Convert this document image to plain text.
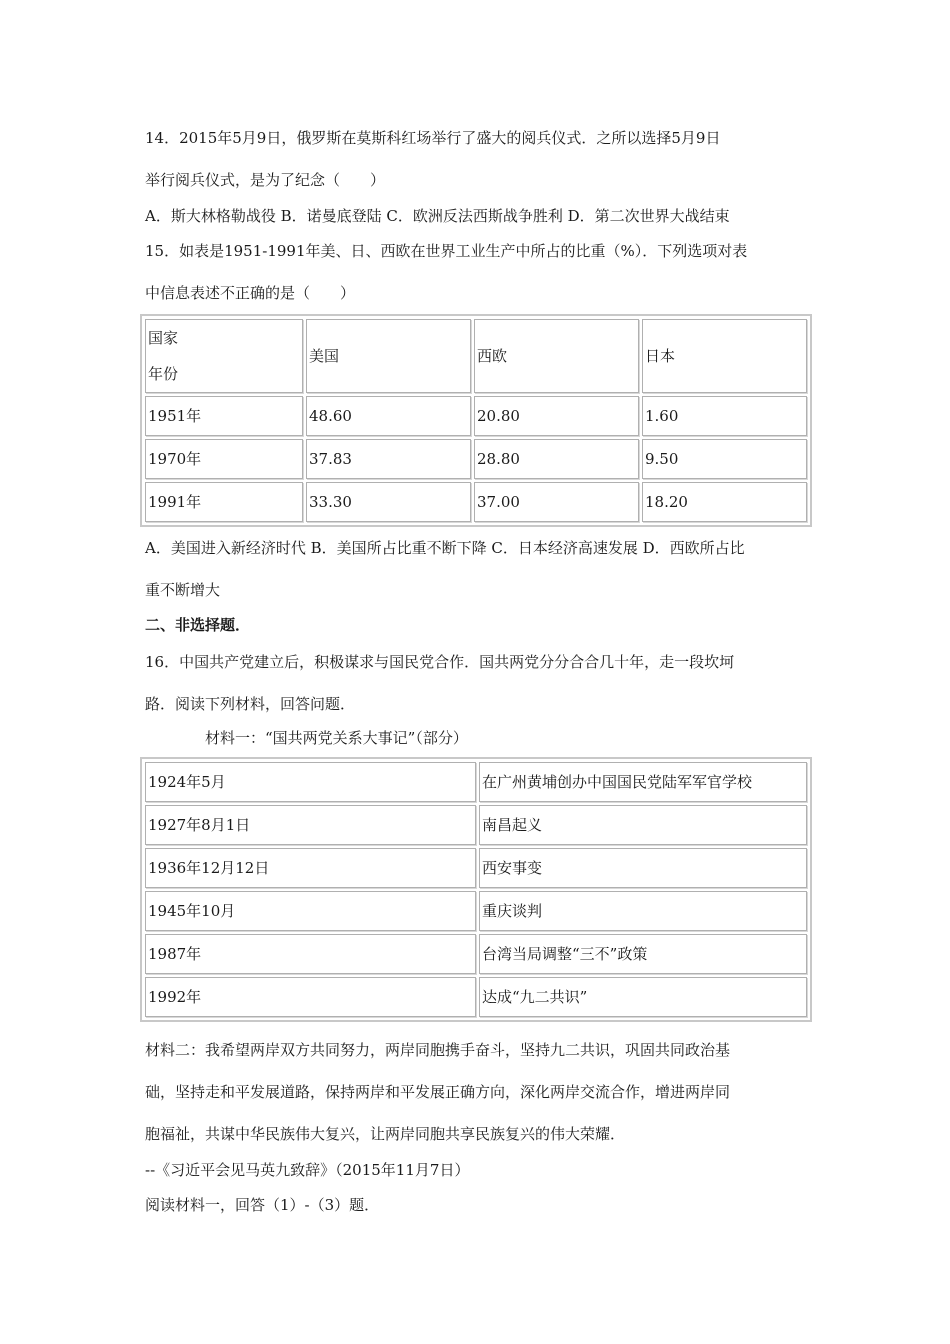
14．2015年5月9日，俄罗斯在莫斯科红场举行了盛大的阅兵仪式．之所以选择5月9日
举行阅兵仪式，是为了纪念（　　）
A．斯大林格勒战役 B．诺曼底登陆 C．欧洲反法西斯战争胜利 D．第二次世界大战结束
15．如表是1951-1991年美、日、西欧在世界工业生产中所占的比重（%）．下列选项对表
中信息表述不正确的是（　　）
国家
年份	美国	西欧	日本
1951年	48.60	20.80	1.60
1970年	37.83	28.80	9.50
1991年	33.30	37.00	18.20
A．美国进入新经济时代 B．美国所占比重不断下降 C．日本经济高速发展 D．西欧所占比
重不断增大
二、非选择题．
16．中国共产党建立后，积极谋求与国民党合作．国共两党分分合合几十年，走一段坎坷
路．阅读下列材料，回答问题．
材料一：“国共两党关系大事记”（部分）
1924年5月	在广州黄埔创办中国国民党陆军军官学校
1927年8月1日	南昌起义
1936年12月12日	西安事变
1945年10月	重庆谈判
1987年	台湾当局调整“三不”政策
1992年	达成“九二共识”
材料二：我希望两岸双方共同努力，两岸同胞携手奋斗，坚持九二共识，巩固共同政治基
础，坚持走和平发展道路，保持两岸和平发展正确方向，深化两岸交流合作，增进两岸同
胞福祉，共谋中华民族伟大复兴，让两岸同胞共享民族复兴的伟大荣耀．
--《习近平会见马英九致辞》（2015年11月7日）
阅读材料一，回答（1）-（3）题．
